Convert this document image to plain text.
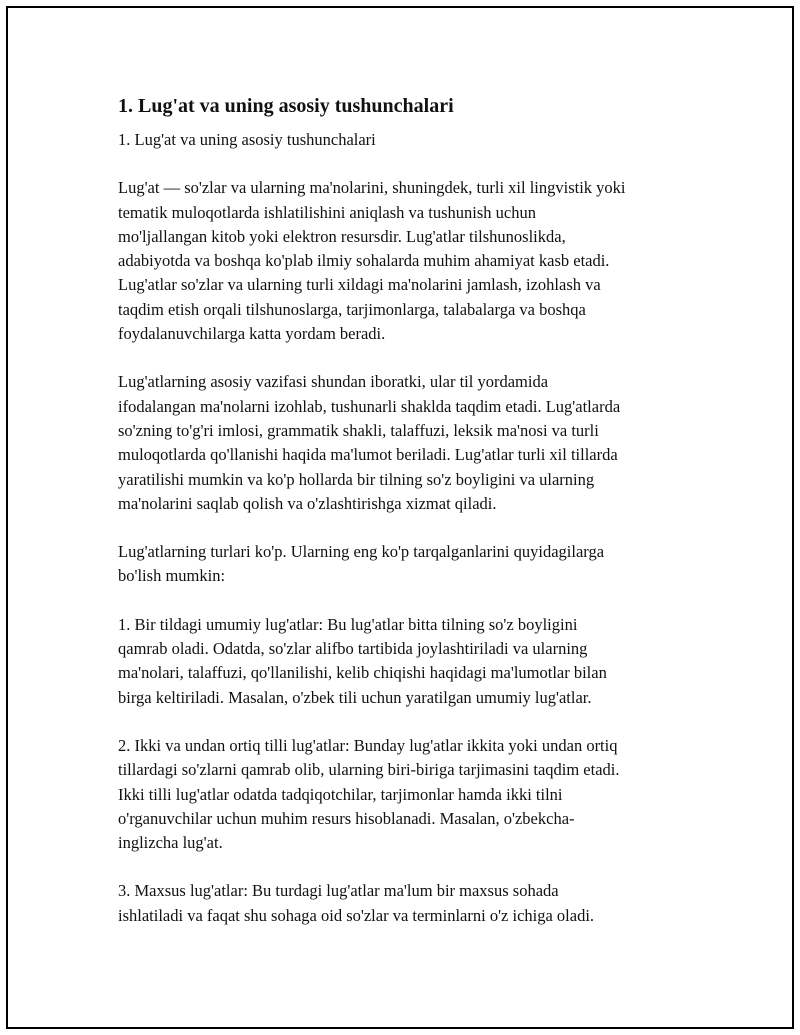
1. Lug'at va uning asosiy tushunchalari

1. Lug'at va uning asosiy tushunchalari

Lug'at — so'zlar va ularning ma'nolarini, shuningdek, turli xil lingvistik yoki
tematik muloqotlarda ishlatilishini aniqlash va tushunish uchun
mo'ljallangan kitob yoki elektron resursdir. Lug'atlar tilshunoslikda,
adabiyotda va boshqa ko'plab ilmiy sohalarda muhim ahamiyat kasb etadi.
Lug'atlar so'zlar va ularning turli xildagi ma'nolarini jamlash, izohlash va
taqdim etish orqali tilshunoslarga, tarjimonlarga, talabalarga va boshqa
foydalanuvchilarga katta yordam beradi.

Lug'atlarning asosiy vazifasi shundan iboratki, ular til yordamida
ifodalangan ma'nolarni izohlab, tushunarli shaklda taqdim etadi. Lug'atlarda
so'zning to'g'ri imlosi, grammatik shakli, talaffuzi, leksik ma'nosi va turli
muloqotlarda qo'llanishi haqida ma'lumot beriladi. Lug'atlar turli xil tillarda
yaratilishi mumkin va ko'p hollarda bir tilning so'z boyligini va ularning
ma'nolarini saqlab qolish va o'zlashtirishga xizmat qiladi.

Lug'atlarning turlari ko'p. Ularning eng ko'p tarqalganlarini quyidagilarga
bo'lish mumkin:

1. Bir tildagi umumiy lug'atlar: Bu lug'atlar bitta tilning so'z boyligini
qamrab oladi. Odatda, so'zlar alifbo tartibida joylashtiriladi va ularning
ma'nolari, talaffuzi, qo'llanilishi, kelib chiqishi haqidagi ma'lumotlar bilan
birga keltiriladi. Masalan, o'zbek tili uchun yaratilgan umumiy lug'atlar.

2. Ikki va undan ortiq tilli lug'atlar: Bunday lug'atlar ikkita yoki undan ortiq
tillardagi so'zlarni qamrab olib, ularning biri-biriga tarjimasini taqdim etadi.
Ikki tilli lug'atlar odatda tadqiqotchilar, tarjimonlar hamda ikki tilni
o'rganuvchilar uchun muhim resurs hisoblanadi. Masalan, o'zbekcha-
inglizcha lug'at.

3. Maxsus lug'atlar: Bu turdagi lug'atlar ma'lum bir maxsus sohada
ishlatiladi va faqat shu sohaga oid so'zlar va terminlarni o'z ichiga oladi.
